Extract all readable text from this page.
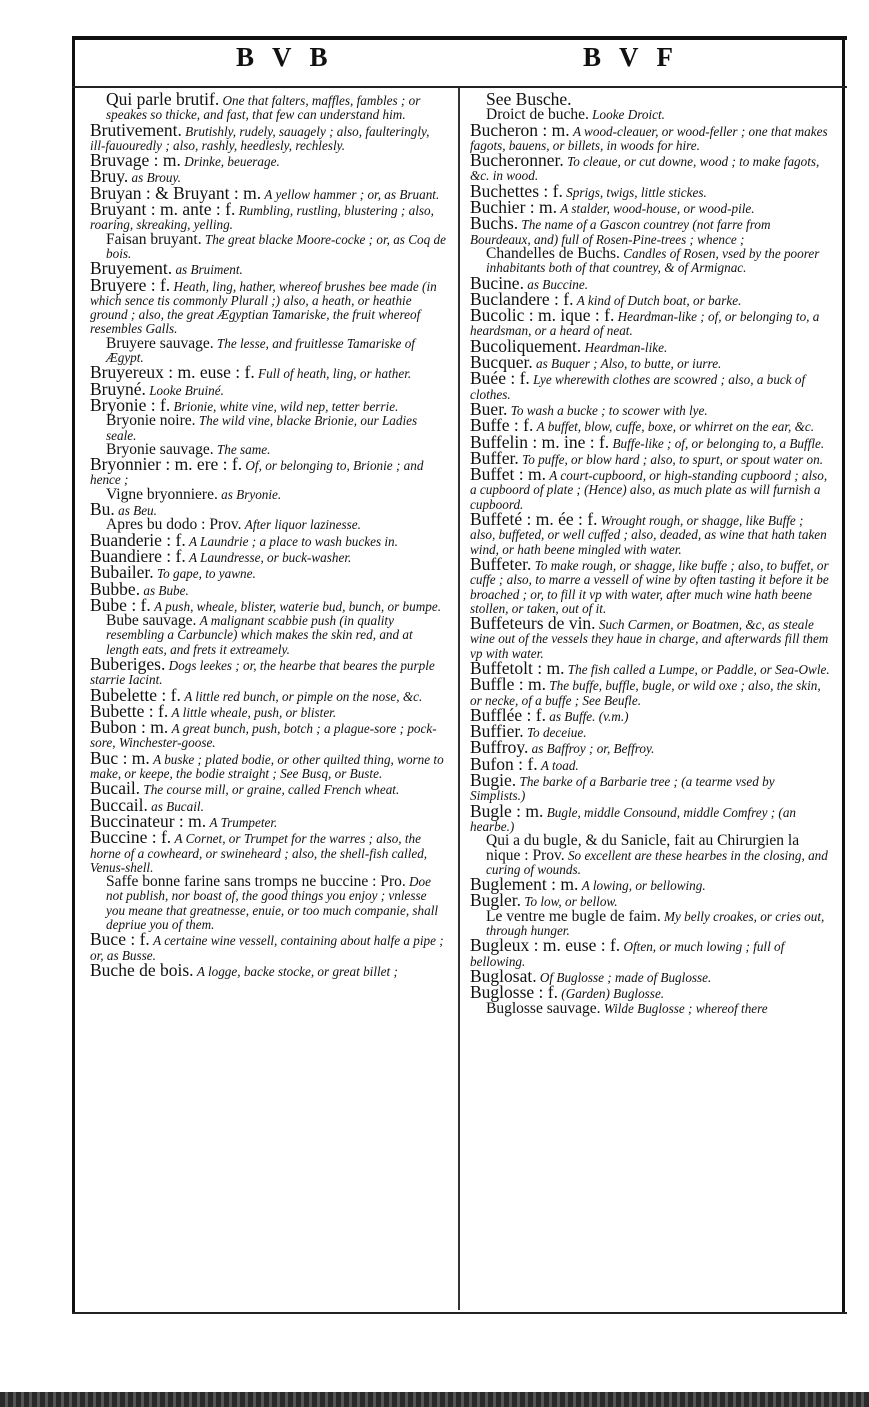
BVB	BVF

Qui parle brutif. One that falters, maffles, fambles ; or speakes so thicke, and fast, that few can understand him.

Brutivement. Brutishly, rudely, sauagely ; also, faulteringly, ill-fauouredly ; also, rashly, heedlesly, rechlesly.

Bruvage : m. Drinke, beuerage.

Bruy. as Brouy.

Bruyan : & Bruyant : m. A yellow hammer ; or, as Bruant.

Bruyant : m. ante : f. Rumbling, rustling, blustering ; also, roaring, skreaking, yelling.

Faisan bruyant. The great blacke Moore-cocke ; or, as Coq de bois.

Bruyement. as Bruiment.

Bruyere : f. Heath, ling, hather, whereof brushes bee made (in which sence tis commonly Plurall ;) also, a heath, or heathie ground ; also, the great Ægyptian Tamariske, the fruit whereof resembles Galls.

Bruyere sauvage. The lesse, and fruitlesse Tamariske of Ægypt.

Bruyereux : m. euse : f. Full of heath, ling, or hather.

Bruyné. Looke Bruiné.

Bryonie : f. Brionie, white vine, wild nep, tetter berrie.

Bryonie noire. The wild vine, blacke Brionie, our Ladies seale.

Bryonie sauvage. The same.

Bryonnier : m. ere : f. Of, or belonging to, Brionie ; and hence ;

Vigne bryonniere. as Bryonie.

Bu. as Beu.

Apres bu dodo : Prov. After liquor lazinesse.

Buanderie : f. A Laundrie ; a place to wash buckes in.

Buandiere : f. A Laundresse, or buck-washer.

Bubailer. To gape, to yawne.

Bubbe. as Bube.

Bube : f. A push, wheale, blister, waterie bud, bunch, or bumpe.

Bube sauvage. A malignant scabbie push (in quality resembling a Carbuncle) which makes the skin red, and at length eats, and frets it extreamely.

Buberiges. Dogs leekes ; or, the hearbe that beares the purple starrie Iacint.

Bubelette : f. A little red bunch, or pimple on the nose, &c.

Bubette : f. A little wheale, push, or blister.

Bubon : m. A great bunch, push, botch ; a plague-sore ; pock-sore, Winchester-goose.

Buc : m. A buske ; plated bodie, or other quilted thing, worne to make, or keepe, the bodie straight ; See Busq, or Buste.

Bucail. The course mill, or graine, called French wheat.

Buccail. as Bucail.

Buccinateur : m. A Trumpeter.

Buccine : f. A Cornet, or Trumpet for the warres ; also, the horne of a cowheard, or swineheard ; also, the shell-fish called, Venus-shell.

Saffe bonne farine sans tromps ne buccine : Pro. Doe not publish, nor boast of, the good things you enjoy ; vnlesse you meane that greatnesse, enuie, or too much companie, shall depriue you of them.

Buce : f. A certaine wine vessell, containing about halfe a pipe ; or, as Busse.

Buche de bois. A logge, backe stocke, or great billet ;

See Busche.

Droict de buche. Looke Droict.

Bucheron : m. A wood-cleauer, or wood-feller ; one that makes fagots, bauens, or billets, in woods for hire.

Bucheronner. To cleaue, or cut downe, wood ; to make fagots, &c. in wood.

Buchettes : f. Sprigs, twigs, little stickes.

Buchier : m. A stalder, wood-house, or wood-pile.

Buchs. The name of a Gascon countrey (not farre from Bourdeaux, and) full of Rosen-Pine-trees ; whence ;

Chandelles de Buchs. Candles of Rosen, vsed by the poorer inhabitants both of that countrey, & of Armignac.

Bucine. as Buccine.

Buclandere : f. A kind of Dutch boat, or barke.

Bucolic : m. ique : f. Heardman-like ; of, or belonging to, a heardsman, or a heard of neat.

Bucoliquement. Heardman-like.

Bucquer. as Buquer ; Also, to butte, or iurre.

Buée : f. Lye wherewith clothes are scowred ; also, a buck of clothes.

Buer. To wash a bucke ; to scower with lye.

Buffe : f. A buffet, blow, cuffe, boxe, or whirret on the ear, &c.

Buffelin : m. ine : f. Buffe-like ; of, or belonging to, a Buffle.

Buffer. To puffe, or blow hard ; also, to spurt, or spout water on.

Buffet : m. A court-cupboord, or high-standing cupboord ; also, a cupboord of plate ; (Hence) also, as much plate as will furnish a cupboord.

Buffeté : m. ée : f. Wrought rough, or shagge, like Buffe ; also, buffeted, or well cuffed ; also, deaded, as wine that hath taken wind, or hath beene mingled with water.

Buffeter. To make rough, or shagge, like buffe ; also, to buffet, or cuffe ; also, to marre a vessell of wine by often tasting it before it be broached ; or, to fill it vp with water, after much wine hath beene stollen, or taken, out of it.

Buffeteurs de vin. Such Carmen, or Boatmen, &c, as steale wine out of the vessels they haue in charge, and afterwards fill them vp with water.

Buffetolt : m. The fish called a Lumpe, or Paddle, or Sea-Owle.

Buffle : m. The buffe, buffle, bugle, or wild oxe ; also, the skin, or necke, of a buffe ; See Beufle.

Bufflée : f. as Buffe. (v.m.)

Buffier. To deceiue.

Buffroy. as Baffroy ; or, Beffroy.

Bufon : f. A toad.

Bugie. The barke of a Barbarie tree ; (a tearme vsed by Simplists.)

Bugle : m. Bugle, middle Consound, middle Comfrey ; (an hearbe.)

Qui a du bugle, & du Sanicle, fait au Chirurgien la nique : Prov. So excellent are these hearbes in the closing, and curing of wounds.

Buglement : m. A lowing, or bellowing.

Bugler. To low, or bellow.

Le ventre me bugle de faim. My belly croakes, or cries out, through hunger.

Bugleux : m. euse : f. Often, or much lowing ; full of bellowing.

Buglosat. Of Buglosse ; made of Buglosse.

Buglosse : f. (Garden) Buglosse.

Buglosse sauvage. Wilde Buglosse ; whereof there
